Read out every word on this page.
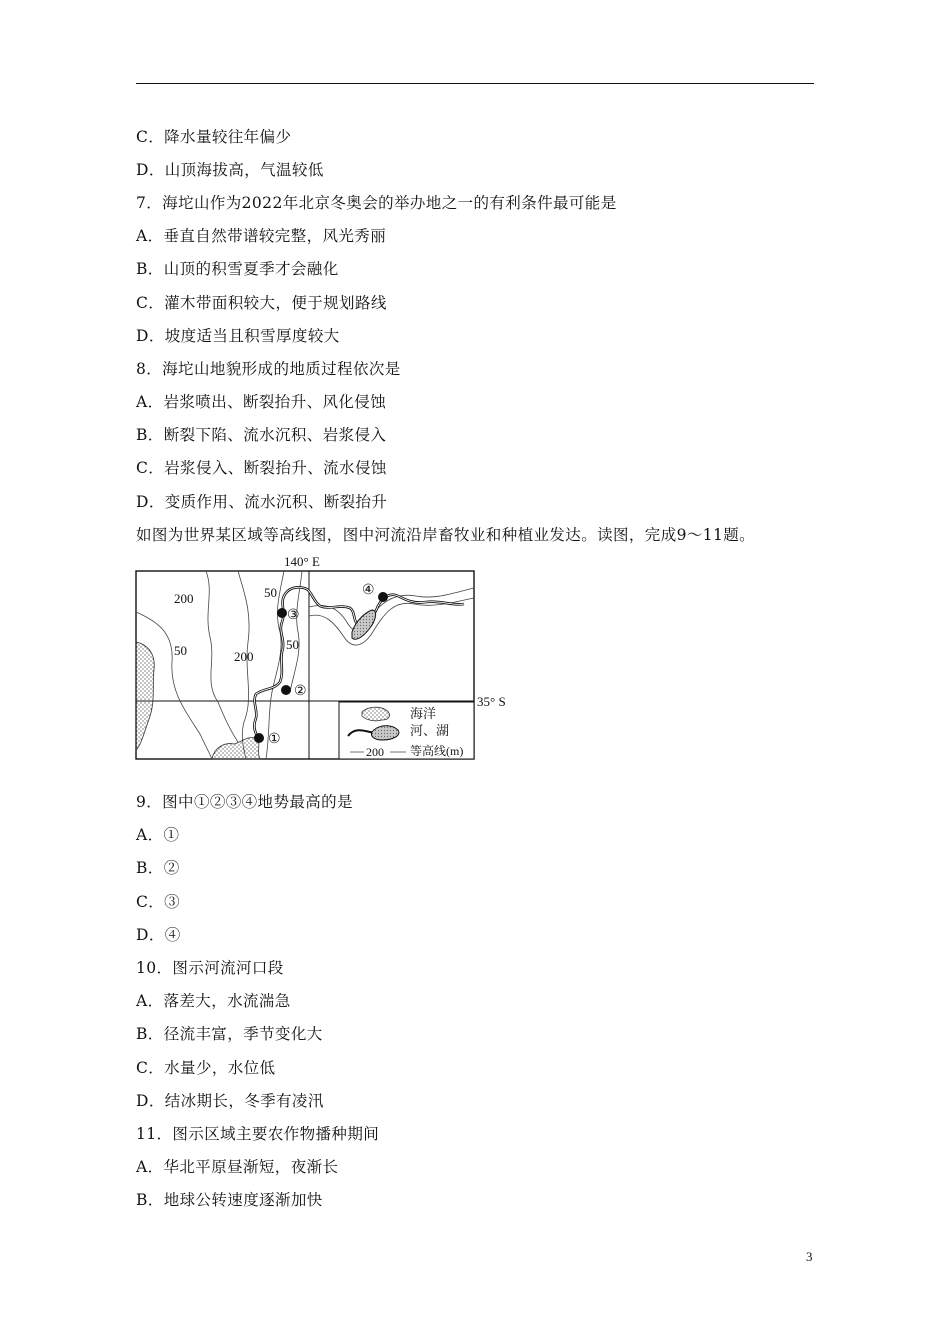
C．降水量较往年偏少
D．山顶海拔高，气温较低
7．海坨山作为2022年北京冬奥会的举办地之一的有利条件最可能是
A．垂直自然带谱较完整，风光秀丽
B．山顶的积雪夏季才会融化
C．灌木带面积较大，便于规划路线
D．坡度适当且积雪厚度较大
8．海坨山地貌形成的地质过程依次是
A．岩浆喷出、断裂抬升、风化侵蚀
B．断裂下陷、流水沉积、岩浆侵入
C．岩浆侵入、断裂抬升、流水侵蚀
D．变质作用、流水沉积、断裂抬升
如图为世界某区域等高线图，图中河流沿岸畜牧业和种植业发达。读图，完成9～11题。
①
②
③
④
200
50
50
200
50
140° E
35° S
海洋
河、湖
200 等高线(m)
9．图中①②③④地势最高的是
A．①
B．②
C．③
D．④
10．图示河流河口段
A．落差大，水流湍急
B．径流丰富，季节变化大
C．水量少，水位低
D．结冰期长，冬季有凌汛
11．图示区域主要农作物播种期间
A．华北平原昼渐短，夜渐长
B．地球公转速度逐渐加快
3
